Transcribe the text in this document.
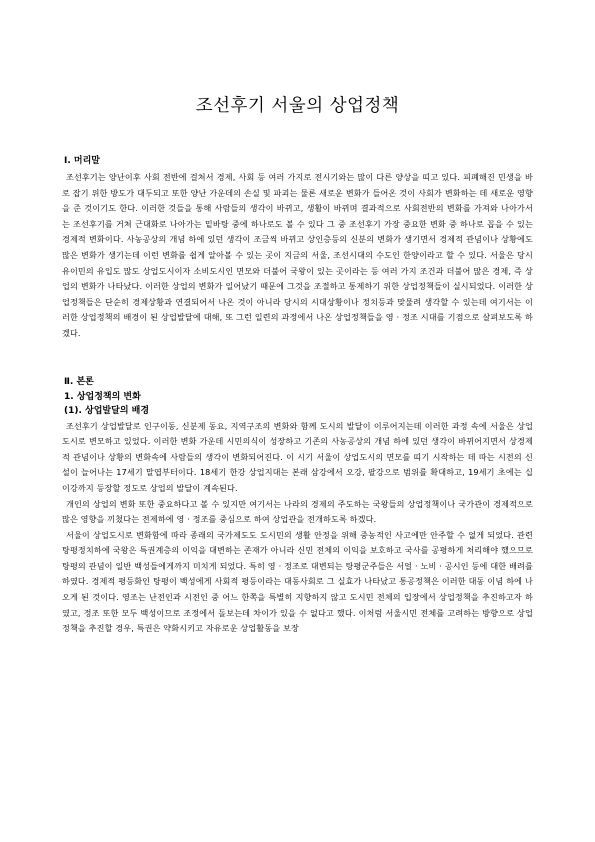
조선후기 서울의 상업정책
Ⅰ. 머리말

조선후기는 양난이후 사회 전반에 걸쳐서 경제, 사회 등 여러 가지로 전시기와는 많이 다른 양상을 띠고 있다. 피폐해진 민생을 바로 잡기 위한 방도가 대두되고 또한 양난 가운데의 손실 및 파괴는 물론 새로운 변화가 들어온 것이 사회가 변화하는 데 새로운 영향을 준 것이기도 한다. 이러한 것들을 통해 사람들의 생각이 바뀌고, 생활이 바뀌며 결과적으로 사회전반의 변화를 가져와 나아가서는 조선후기를 거쳐 근대화로 나아가는 밑바탕 중에 하나로도 볼 수 있다 그 중 조선후기 가장 중요한 변화 중 하나로 꼽을 수 있는 경제적 변화이다. 사농공상의 개념 하에 있던 생각이 조금씩 바뀌고 상인층등의 신분의 변화가 생기면서 경제적 관념이나 상황에도 많은 변화가 생기는데 이런 변화를 쉽게 알아볼 수 있는 곳이 지금의 서울, 조선시대의 수도인 한양이라고 할 수 있다. 서울은 당시 유이민의 유입도 많도 상업도시이자 소비도시인 면모와 더불어 국왕이 있는 곳이라는 등 여러 가지 조건과 더불어 많은 경제, 즉 상업의 변화가 나타났다. 이러한 상업의 변화가 일어났기 때문에 그것을 조절하고 통제하기 위한 상업정책들이 실시되었다. 이러한 상업정책들은 단순히 경제상황과 연결되어서 나온 것이 아니라 당시의 시대상황이나 정치등과 맞물려 생각할 수 있는데 여기서는 이러한 상업정책의 배경이 된 상업발달에 대해, 또 그런 일련의 과정에서 나온 상업정책들을 영 · 정조 시대를 기점으로 살펴보도록 하겠다.

Ⅱ. 본론
1. 상업정책의 변화
(1). 상업발달의 배경

조선후기 상업발달로 인구이동, 신분제 동요, 지역구조의 변화와 함께 도시의 발달이 이루어지는데 이러한 과정 속에 서울은 상업도시로 변모하고 있었다. 이러한 변화 가운데 시민의식이 성장하고 기존의 사농공상의 개념 하에 있던 생각이 바뀌어지면서 상경제적 관념이나 상황의 변화속에 사람들의 생각이 변화되어진다. 이 시기 서울이 상업도시의 면모를 띠기 시작하는 데 따는 시전의 신설이 늘어나는 17세기 말엽부터이다. 18세기 한강 상업지대는 본래 삼강에서 오강, 팔강으로 범위를 확대하고, 19세기 초에는 십이강까지 등장할 정도로 상업의 발달이 계속된다.

개인의 상업의 변화 또한 중요하다고 볼 수 있지만 여기서는 나라의 경제의 주도하는 국왕들의 상업정책이나 국가관이 경제적으로 많은 영향을 끼쳤다는 전제하에 영 · 정조를 중심으로 하여 상업관을 전개하도록 하겠다.

서울이 상업도시로 변화함에 따라 종래의 국가제도도 도시민의 생활 안정을 위해 중농적인 사고에만 안주할 수 없게 되었다. 관련 탕평정치하에 국왕은 특권계층의 이익을 대변하는 존재가 아니라 신민 전체의 이익을 보호하고 국사를 공평하게 처리해야 했으므로 탕평의 관념이 일반 백성들에게까지 미치게 되었다. 특히 영 · 정조로 대변되는 탕평군주들은 서얼 · 노비 · 공시인 등에 대한 배려를 하였다. 경제적 평등화인 탕평이 백성에게 사회적 평등이라는 대동사회로 그 실효가 나타났고 통공정책은 이러한 대동 이념 하에 나오게 된 것이다. 영조는 난전인과 시전인 중 어느 한쪽을 특별히 지향하지 않고 도시민 전체의 입장에서 상업정책을 추진하고자 하였고, 정조 또한 모두 백성이므로 조정에서 돌보는데 차이가 있을 수 없다고 했다. 이처럼 서울시민 전체를 고려하는 방향으로 상업정책을 추진할 경우, 특권은 약화시키고 자유로운 상업활동을 보장
